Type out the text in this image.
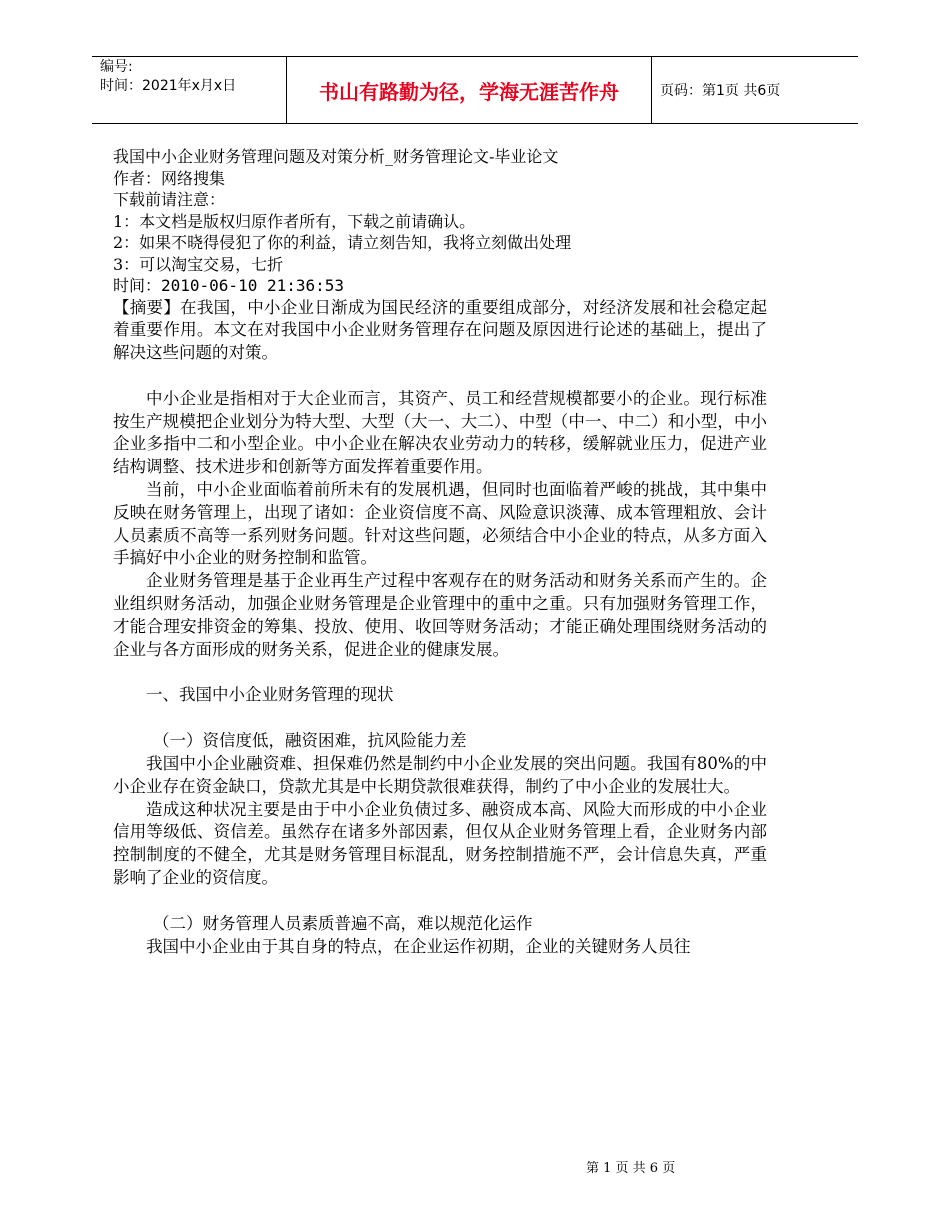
编号:
时间：2021年x月x日	书山有路勤为径，学海无涯苦作舟	页码：第1页 共6页
我国中小企业财务管理问题及对策分析_财务管理论文-毕业论文
作者：网络搜集
下载前请注意：
1：本文档是版权归原作者所有，下载之前请确认。
2：如果不晓得侵犯了你的利益，请立刻告知，我将立刻做出处理
3：可以淘宝交易，七折
时间：2010-06-10 21:36:53
【摘要】在我国，中小企业日渐成为国民经济的重要组成部分，对经济发展和社会稳定起着重要作用。本文在对我国中小企业财务管理存在问题及原因进行论述的基础上，提出了解决这些问题的对策。
中小企业是指相对于大企业而言，其资产、员工和经营规模都要小的企业。现行标准按生产规模把企业划分为特大型、大型（大一、大二）、中型（中一、中二）和小型，中小企业多指中二和小型企业。中小企业在解决农业劳动力的转移，缓解就业压力，促进产业结构调整、技术进步和创新等方面发挥着重要作用。
当前，中小企业面临着前所未有的发展机遇，但同时也面临着严峻的挑战，其中集中反映在财务管理上，出现了诸如：企业资信度不高、风险意识淡薄、成本管理粗放、会计人员素质不高等一系列财务问题。针对这些问题，必须结合中小企业的特点，从多方面入手搞好中小企业的财务控制和监管。
企业财务管理是基于企业再生产过程中客观存在的财务活动和财务关系而产生的。企业组织财务活动，加强企业财务管理是企业管理中的重中之重。只有加强财务管理工作，才能合理安排资金的筹集、投放、使用、收回等财务活动；才能正确处理围绕财务活动的企业与各方面形成的财务关系，促进企业的健康发展。
一、我国中小企业财务管理的现状
（一）资信度低，融资困难，抗风险能力差
我国中小企业融资难、担保难仍然是制约中小企业发展的突出问题。我国有80%的中小企业存在资金缺口，贷款尤其是中长期贷款很难获得，制约了中小企业的发展壮大。
造成这种状况主要是由于中小企业负债过多、融资成本高、风险大而形成的中小企业信用等级低、资信差。虽然存在诸多外部因素，但仅从企业财务管理上看，企业财务内部控制制度的不健全，尤其是财务管理目标混乱，财务控制措施不严，会计信息失真，严重影响了企业的资信度。
（二）财务管理人员素质普遍不高，难以规范化运作
我国中小企业由于其自身的特点，在企业运作初期，企业的关键财务人员往
第 1 页 共 6 页
